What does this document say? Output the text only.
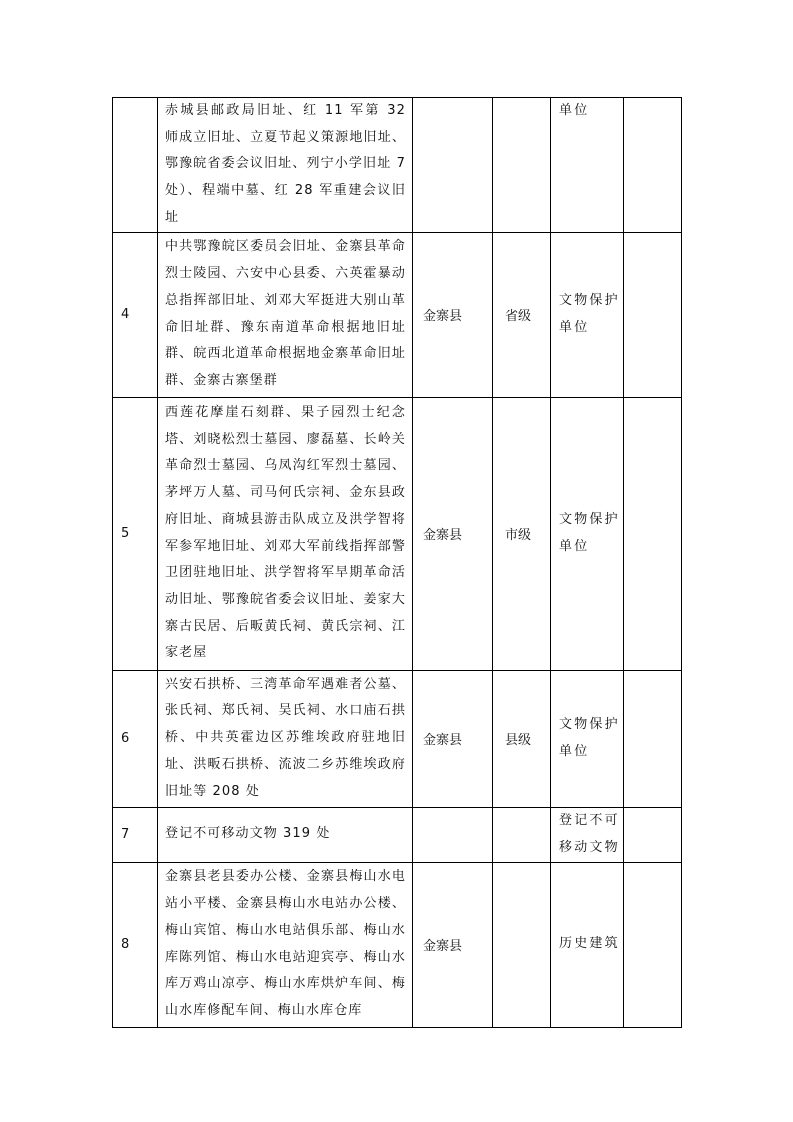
	赤城县邮政局旧址、红 11 军第 32 师成立旧址、立夏节起义策源地旧址、鄂豫皖省委会议旧址、列宁小学旧址 7 处）、程端中墓、红 28 军重建会议旧址			单位	

4	中共鄂豫皖区委员会旧址、金寨县革命烈士陵园、六安中心县委、六英霍暴动总指挥部旧址、刘邓大军挺进大别山革命旧址群、豫东南道革命根据地旧址群、皖西北道革命根据地金寨革命旧址群、金寨古寨堡群	金寨县	省级	文物保护单位	

5	西莲花摩崖石刻群、果子园烈士纪念塔、刘晓松烈士墓园、廖磊墓、长岭关革命烈士墓园、乌凤沟红军烈士墓园、茅坪万人墓、司马何氏宗祠、金东县政府旧址、商城县游击队成立及洪学智将军参军地旧址、刘邓大军前线指挥部警卫团驻地旧址、洪学智将军早期革命活动旧址、鄂豫皖省委会议旧址、姜家大寨古民居、后畈黄氏祠、黄氏宗祠、江家老屋	金寨县	市级	文物保护单位	

6	兴安石拱桥、三湾革命军遇难者公墓、张氏祠、郑氏祠、吴氏祠、水口庙石拱桥、中共英霍边区苏维埃政府驻地旧址、洪畈石拱桥、流波二乡苏维埃政府旧址等 208 处	金寨县	县级	文物保护单位	

7	登记不可移动文物 319 处			登记不可移动文物	

8	金寨县老县委办公楼、金寨县梅山水电站小平楼、金寨县梅山水电站办公楼、梅山宾馆、梅山水电站俱乐部、梅山水库陈列馆、梅山水电站迎宾亭、梅山水库万鸡山凉亭、梅山水库烘炉车间、梅山水库修配车间、梅山水库仓库	金寨县		历史建筑	
